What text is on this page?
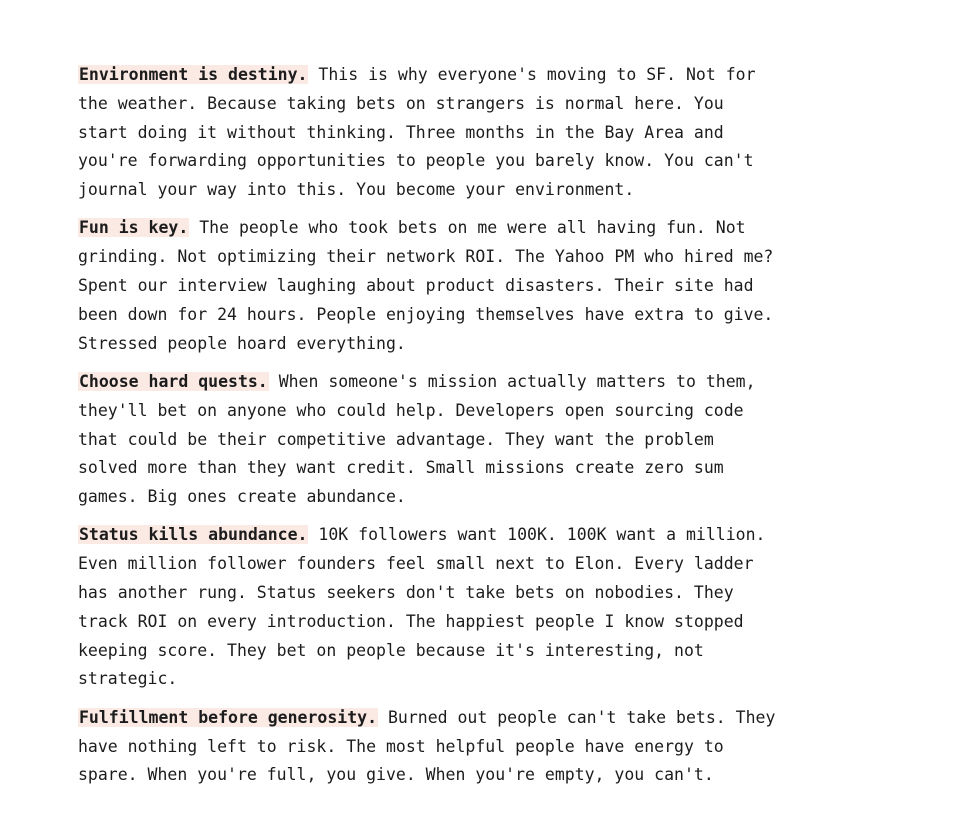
Environment is destiny. This is why everyone's moving to SF. Not for
the weather. Because taking bets on strangers is normal here. You
start doing it without thinking. Three months in the Bay Area and
you're forwarding opportunities to people you barely know. You can't
journal your way into this. You become your environment.

Fun is key. The people who took bets on me were all having fun. Not
grinding. Not optimizing their network ROI. The Yahoo PM who hired me?
Spent our interview laughing about product disasters. Their site had
been down for 24 hours. People enjoying themselves have extra to give.
Stressed people hoard everything.

Choose hard quests. When someone's mission actually matters to them,
they'll bet on anyone who could help. Developers open sourcing code
that could be their competitive advantage. They want the problem
solved more than they want credit. Small missions create zero sum
games. Big ones create abundance.

Status kills abundance. 10K followers want 100K. 100K want a million.
Even million follower founders feel small next to Elon. Every ladder
has another rung. Status seekers don't take bets on nobodies. They
track ROI on every introduction. The happiest people I know stopped
keeping score. They bet on people because it's interesting, not
strategic.

Fulfillment before generosity. Burned out people can't take bets. They
have nothing left to risk. The most helpful people have energy to
spare. When you're full, you give. When you're empty, you can't.
